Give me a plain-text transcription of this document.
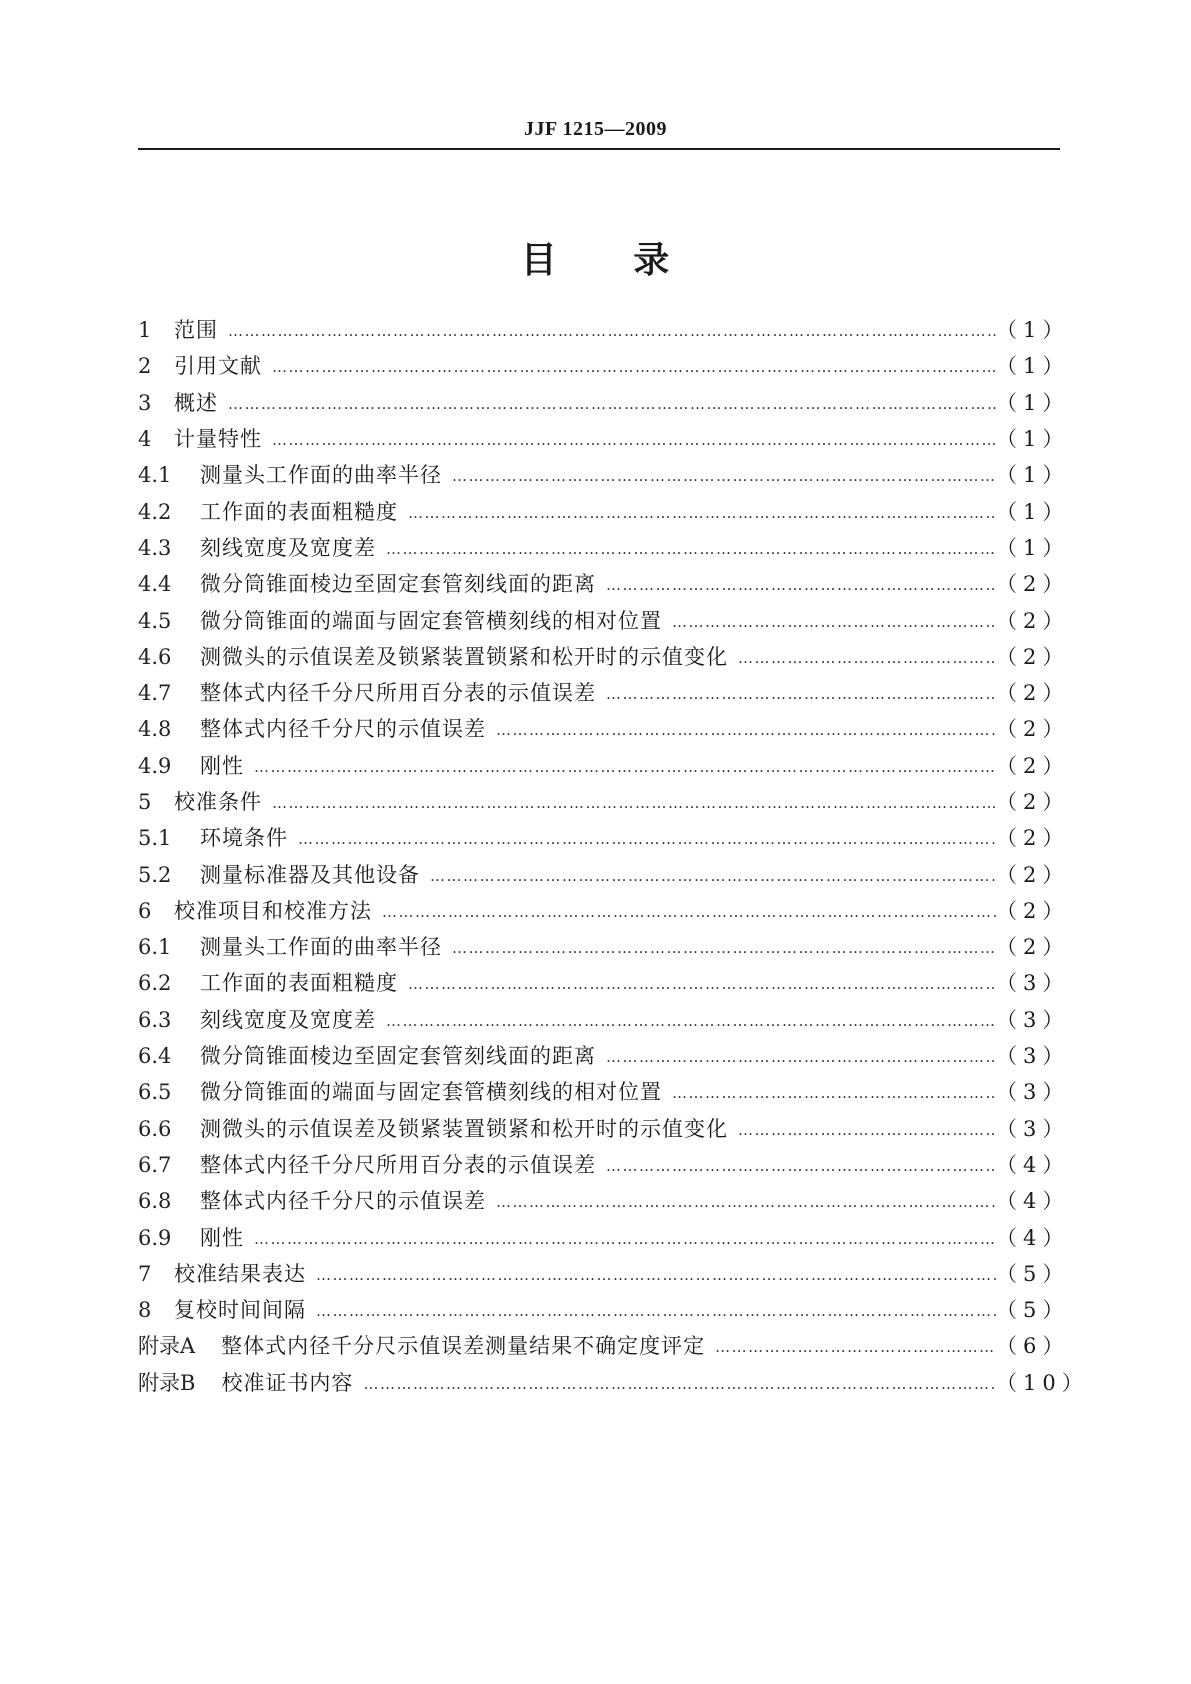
JJF 1215—2009
目 录
1	范围 …………………………………………………………………………………………………………………………………………………………………………………………………	（1）
2	引用文献 …………………………………………………………………………………………………………………………………………………………………………………………………	（1）
3	概述 …………………………………………………………………………………………………………………………………………………………………………………………………	（1）
4	计量特性 …………………………………………………………………………………………………………………………………………………………………………………………………	（1）
4.1	测量头工作面的曲率半径 …………………………………………………………………………………………………………………………………………………………………………………………………	（1）
4.2	工作面的表面粗糙度 …………………………………………………………………………………………………………………………………………………………………………………………………	（1）
4.3	刻线宽度及宽度差 …………………………………………………………………………………………………………………………………………………………………………………………………	（1）
4.4	微分筒锥面棱边至固定套管刻线面的距离 …………………………………………………………………………………………………………………………………………………………………………………………………	（2）
4.5	微分筒锥面的端面与固定套管横刻线的相对位置 …………………………………………………………………………………………………………………………………………………………………………………………………	（2）
4.6	测微头的示值误差及锁紧装置锁紧和松开时的示值变化 …………………………………………………………………………………………………………………………………………………………………………………………………	（2）
4.7	整体式内径千分尺所用百分表的示值误差 …………………………………………………………………………………………………………………………………………………………………………………………………	（2）
4.8	整体式内径千分尺的示值误差 …………………………………………………………………………………………………………………………………………………………………………………………………	（2）
4.9	刚性 …………………………………………………………………………………………………………………………………………………………………………………………………	（2）
5	校准条件 …………………………………………………………………………………………………………………………………………………………………………………………………	（2）
5.1	环境条件 …………………………………………………………………………………………………………………………………………………………………………………………………	（2）
5.2	测量标准器及其他设备 …………………………………………………………………………………………………………………………………………………………………………………………………	（2）
6	校准项目和校准方法 …………………………………………………………………………………………………………………………………………………………………………………………………	（2）
6.1	测量头工作面的曲率半径 …………………………………………………………………………………………………………………………………………………………………………………………………	（2）
6.2	工作面的表面粗糙度 …………………………………………………………………………………………………………………………………………………………………………………………………	（3）
6.3	刻线宽度及宽度差 …………………………………………………………………………………………………………………………………………………………………………………………………	（3）
6.4	微分筒锥面棱边至固定套管刻线面的距离 …………………………………………………………………………………………………………………………………………………………………………………………………	（3）
6.5	微分筒锥面的端面与固定套管横刻线的相对位置 …………………………………………………………………………………………………………………………………………………………………………………………………	（3）
6.6	测微头的示值误差及锁紧装置锁紧和松开时的示值变化 …………………………………………………………………………………………………………………………………………………………………………………………………	（3）
6.7	整体式内径千分尺所用百分表的示值误差 …………………………………………………………………………………………………………………………………………………………………………………………………	（4）
6.8	整体式内径千分尺的示值误差 …………………………………………………………………………………………………………………………………………………………………………………………………	（4）
6.9	刚性 …………………………………………………………………………………………………………………………………………………………………………………………………	（4）
7	校准结果表达 …………………………………………………………………………………………………………………………………………………………………………………………………	（5）
8	复校时间间隔 …………………………………………………………………………………………………………………………………………………………………………………………………	（5）
附录A 整体式内径千分尺示值误差测量结果不确定度评定 …………………………………………………………………………………………………………………………………………………………………………………………………	（6）
附录B 校准证书内容 …………………………………………………………………………………………………………………………………………………………………………………………………	（10）
